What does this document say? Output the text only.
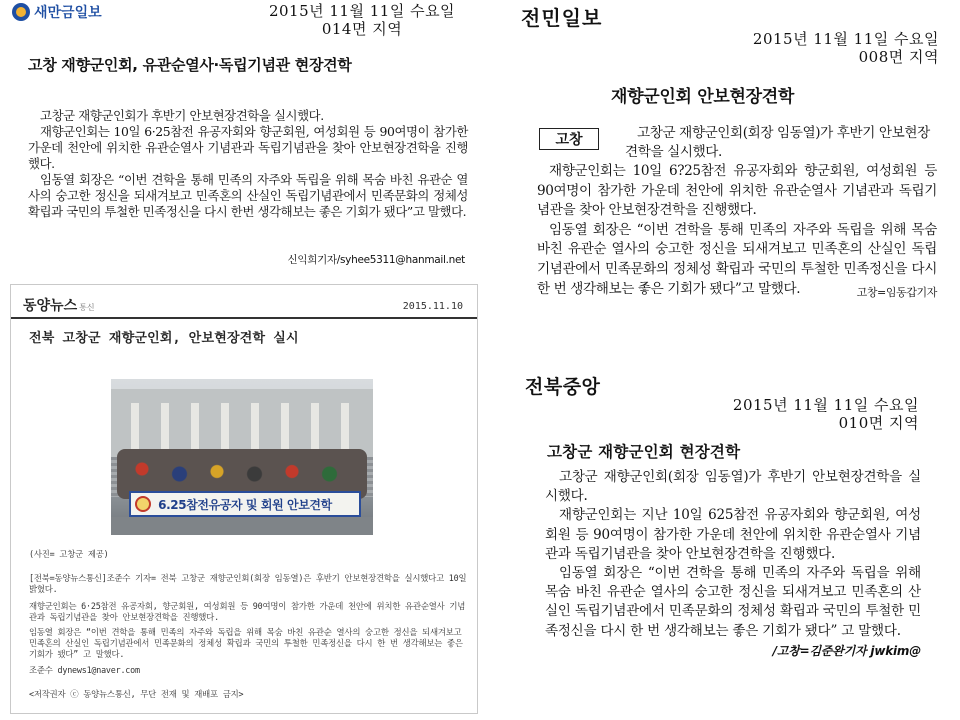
새만금일보	2015년 11월 11일 수요일
014면 지역
고창 재향군인회, 유관순열사·독립기념관 현장견학

고창군 재향군인회가 후반기 안보현장견학을 실시했다.

재향군인회는 10일 6·25참전 유공자회와 향군회원, 여성회원 등 90여명이 참가한 가운데 천안에 위치한 유관순열사 기념관과 독립기념관을 찾아 안보현장견학을 진행했다.

임동열 회장은 “이번 견학을 통해 민족의 자주와 독립을 위해 목숨 바친 유관순 열사의 숭고한 정신을 되새겨보고 민족혼의 산실인 독립기념관에서 민족문화의 정체성 확립과 국민의 투철한 민족정신을 다시 한번 생각해보는 좋은 기회가 됐다”고 말했다.

신익희기자/syhee5311@hanmail.net
동양뉴스 통신	2015.11.10
전북 고창군 재향군인회, 안보현장견학 실시
6.25참전유공자 및 회원 안보견학
(사진= 고창군 제공)
[전북=동양뉴스통신]조준수 기자= 전북 고창군 재향군인회(회장 임동열)은 후반기 안보현장견학을 실시했다고 10일 밝혔다.
재향군인회는 6·25참전 유공자회, 향군회원, 여성회원 등 90여명이 참가한 가운데 천안에 위치한 유관순열사 기념관과 독립기념관을 찾아 안보현장견학을 진행했다.
임동열 회장은 “이번 견학을 통해 민족의 자주와 독립을 위해 목숨 바친 유관순 열사의 숭고한 정신을 되새겨보고 민족혼의 산실인 독립기념관에서 민족문화의 정체성 확립과 국민의 투철한 민족정신을 다시 한 번 생각해보는 좋은 기회가 됐다” 고 말했다.
조준수 dynews1@naver.com
<저작권자 ⓒ 동양뉴스통신, 무단 전재 및 재배포 금지>
전민일보
2015년 11월 11일 수요일
008면 지역
재향군인회 안보현장견학
고창	고창군 재향군인회(회장 임동열)가 후반기 안보현장견학을 실시했다.

재향군인회는 10일 6?25참전 유공자회와 향군회원, 여성회원 등 90여명이 참가한 가운데 천안에 위치한 유관순열사 기념관과 독립기념관을 찾아 안보현장견학을 진행했다.

임동열 회장은 “이번 견학을 통해 민족의 자주와 독립을 위해 목숨 바친 유관순 열사의 숭고한 정신을 되새겨보고 민족혼의 산실인 독립기념관에서 민족문화의 정체성 확립과 국민의 투철한 민족정신을 다시 한 번 생각해보는 좋은 기회가 됐다”고 말했다.	고창=임동갑기자

전북중앙
2015년 11월 11일 수요일
010면 지역
고창군 재향군인회 현장견학

고창군 재향군인회(회장 임동열)가 후반기 안보현장견학을 실시했다.

재향군인회는 지난 10일 625참전 유공자회와 향군회원, 여성회원 등 90여명이 참가한 가운데 천안에 위치한 유관순열사 기념관과 독립기념관을 찾아 안보현장견학을 진행했다.

임동열 회장은 “이번 견학을 통해 민족의 자주와 독립을 위해 목숨 바친 유관순 열사의 숭고한 정신을 되새겨보고 민족혼의 산실인 독립기념관에서 민족문화의 정체성 확립과 국민의 투철한 민족정신을 다시 한 번 생각해보는 좋은 기회가 됐다” 고 말했다.
/고창=김준완기자 jwkim@
